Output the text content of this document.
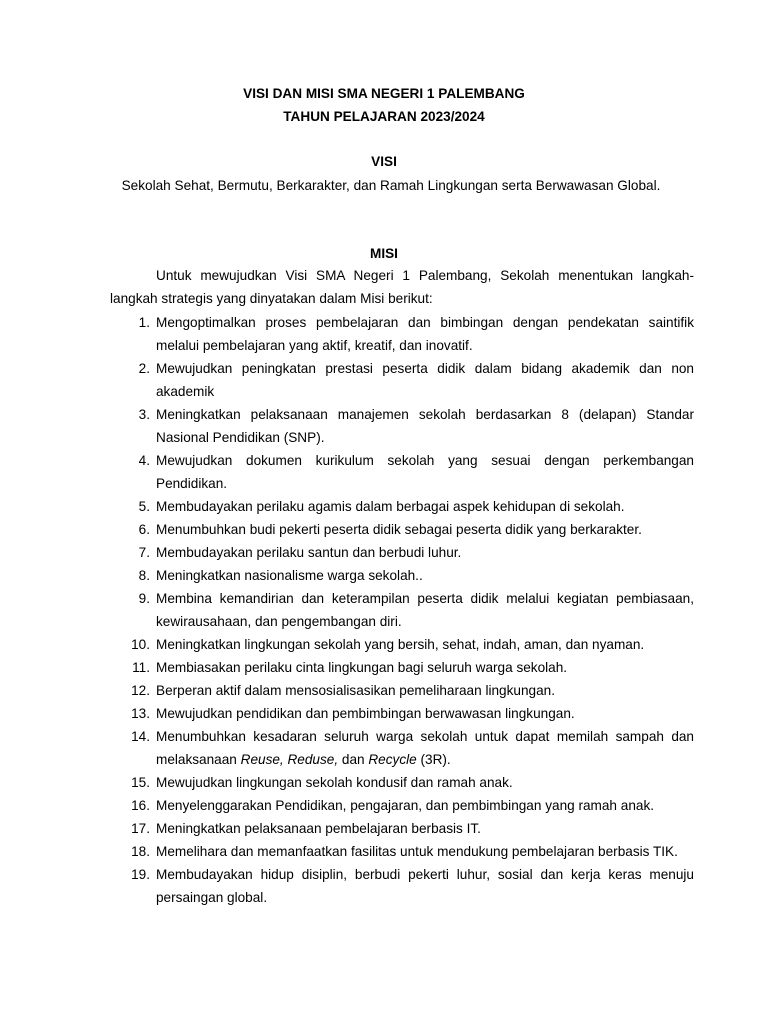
VISI DAN MISI SMA NEGERI 1 PALEMBANG
TAHUN PELAJARAN 2023/2024
VISI
Sekolah Sehat, Bermutu, Berkarakter, dan Ramah Lingkungan serta Berwawasan Global.
MISI
Untuk mewujudkan Visi SMA Negeri 1 Palembang, Sekolah menentukan langkah-langkah strategis yang dinyatakan dalam Misi berikut:
1. Mengoptimalkan proses pembelajaran dan bimbingan dengan pendekatan saintifik melalui pembelajaran yang aktif, kreatif, dan inovatif.
2. Mewujudkan peningkatan prestasi peserta didik dalam bidang akademik dan non akademik
3. Meningkatkan pelaksanaan manajemen sekolah berdasarkan 8 (delapan) Standar Nasional Pendidikan (SNP).
4. Mewujudkan dokumen kurikulum sekolah yang sesuai dengan perkembangan Pendidikan.
5. Membudayakan perilaku agamis dalam berbagai aspek kehidupan di sekolah.
6. Menumbuhkan budi pekerti peserta didik sebagai peserta didik yang berkarakter.
7. Membudayakan perilaku santun dan berbudi luhur.
8. Meningkatkan nasionalisme warga sekolah..
9. Membina kemandirian dan keterampilan peserta didik melalui kegiatan pembiasaan, kewirausahaan, dan pengembangan diri.
10. Meningkatkan lingkungan sekolah yang bersih, sehat, indah, aman, dan nyaman.
11. Membiasakan perilaku cinta lingkungan bagi seluruh warga sekolah.
12. Berperan aktif dalam mensosialisasikan pemeliharaan lingkungan.
13. Mewujudkan pendidikan dan pembimbingan berwawasan lingkungan.
14. Menumbuhkan kesadaran seluruh warga sekolah untuk dapat memilah sampah dan melaksanaan Reuse, Reduse, dan Recycle (3R).
15. Mewujudkan lingkungan sekolah kondusif dan ramah anak.
16. Menyelenggarakan Pendidikan, pengajaran, dan pembimbingan yang ramah anak.
17. Meningkatkan pelaksanaan pembelajaran berbasis IT.
18. Memelihara dan memanfaatkan fasilitas untuk mendukung pembelajaran berbasis TIK.
19. Membudayakan hidup disiplin, berbudi pekerti luhur, sosial dan kerja keras menuju persaingan global.
